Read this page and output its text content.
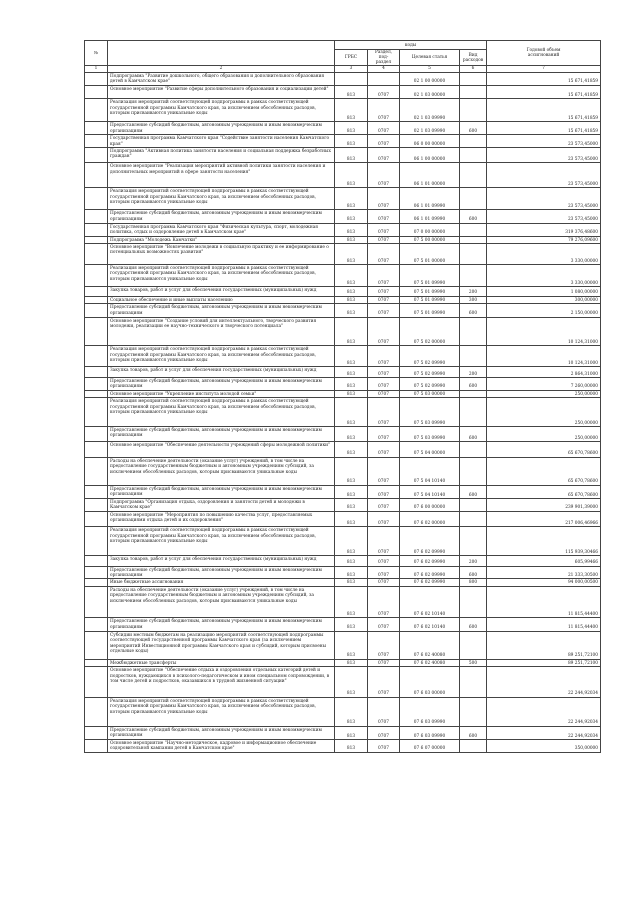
№		коды				Годовой объем
ассигнований
		ГРБС	Раздел, под-
раздел	Целевая статья	Вид
расходов	
1	2	3	4	5	6	7
	Подпрограмма "Развитие дошкольного, общего образования и дополнительного образования детей в Камчатском крае"			02 1 00 00000		15 671,41859
	Основное мероприятие "Развитие сферы дополнительного образования и социализации детей"	813	0707	02 1 03 00000		15 671,41859
	Реализация мероприятий соответствующей подпрограммы в рамках соответствующей государственной программы Камчатского края, за исключением обособленных расходов, которым присваиваются уникальные коды	813	0707	02 1 03 09990		15 671,41859
	Предоставление субсидий бюджетным, автономным учреждениям и иным некоммерческим организациям	813	0707	02 1 03 09990	600	15 671,41859
	Государственная программа Камчатского края "Содействие занятости населения Камчатского края"	813	0707	06 0 00 00000		23 573,45000
	Подпрограмма "Активная политика занятости населения и социальная поддержка безработных граждан"	813	0707	06 1 00 00000		23 573,45000
	Основное мероприятие "Реализация мероприятий активной политики занятости населения и дополнительных мероприятий в сфере занятости населения"	813	0707	06 1 01 00000		23 573,45000
	Реализация мероприятий соответствующей подпрограммы в рамках соответствующей государственной программы Камчатского края, за исключением обособленных расходов, которым присваиваются уникальные коды	813	0707	06 1 01 09990		23 573,45000
	Предоставление субсидий бюджетным, автономным учреждениям и иным некоммерческим организациям	813	0707	06 1 01 09990	600	23 573,45000
	Государственная программа Камчатского края "Физическая культура, спорт, молодежная политика, отдых и оздоровление детей в Камчатском крае"	813	0707	07 0 00 00000		319 376,48600
	Подпрограмма "Молодежь Камчатки"	813	0707	07 5 00 00000		79 276,09600
	Основное мероприятие "Вовлечение молодежи в социальную практику и ее информирование о потенциальных возможностях развития"	813	0707	07 5 01 00000		3 330,00000
	Реализация мероприятий соответствующей подпрограммы в рамках соответствующей государственной программы Камчатского края, за исключением обособленных расходов, которым присваиваются уникальные коды	813	0707	07 5 01 09990		3 330,00000
	Закупка товаров, работ и услуг для обеспечения государственных (муниципальных) нужд	813	0707	07 5 01 09990	200	1 080,00000
	Социальное обеспечение и иные выплаты населению	813	0707	07 5 01 09990	300	300,00000
	Предоставление субсидий бюджетным, автономным учреждениям и иным некоммерческим организациям	813	0707	07 5 01 09990	600	2 150,00000
	Основное мероприятие "Создание условий для интеллектуального, творческого развития молодежи, реализации ее научно-технического и творческого потенциала"	813	0707	07 5 02 00000		10 124,31000
	Реализация мероприятий соответствующей подпрограммы в рамках соответствующей государственной программы Камчатского края, за исключением обособленных расходов, которым присваиваются уникальные коды	813	0707	07 5 02 09990		10 124,31000
	Закупка товаров, работ и услуг для обеспечения государственных (муниципальных) нужд	813	0707	07 5 02 09990	200	2 864,31000
	Предоставление субсидий бюджетным, автономным учреждениям и иным некоммерческим организациям	813	0707	07 5 02 09990	600	7 260,00000
	Основное мероприятие "Укрепление института молодой семьи"	813	0707	07 5 03 00000		250,00000
	Реализация мероприятий соответствующей подпрограммы в рамках соответствующей государственной программы Камчатского края, за исключением обособленных расходов, которым присваиваются уникальные коды	813	0707	07 5 03 09990		250,00000
	Предоставление субсидий бюджетным, автономным учреждениям и иным некоммерческим организациям	813	0707	07 5 03 09990	600	250,00000
	Основное мероприятие "Обеспечение деятельности учреждений сферы молодежной политики"	813	0707	07 5 04 00000		65 670,78600
	Расходы на обеспечение деятельности (оказание услуг) учреждений, в том числе на предоставление государственным бюджетным и автономным учреждениям субсидий, за исключением обособленных расходов, которым присваиваются уникальные коды	813	0707	07 5 04 10140		65 670,78600
	Предоставление субсидий бюджетным, автономным учреждениям и иным некоммерческим организациям	813	0707	07 5 04 10140	600	65 670,78600
	Подпрограмма "Организация отдыха, оздоровления и занятости детей и молодежи в Камчатском крае"	813	0707	07 6 00 00000		239 901,39000
	Основное мероприятие "Мероприятия по повышению качества услуг, предоставляемых организациями отдыха детей и их оздоровления"	813	0707	07 6 02 00000		217 006,46966
	Реализация мероприятий соответствующей подпрограммы в рамках соответствующей государственной программы Камчатского края, за исключением обособленных расходов, которым присваиваются уникальные коды	813	0707	07 6 02 09990		115 939,30466
	Закупка товаров, работ и услуг для обеспечения государственных (муниципальных) нужд	813	0707	07 6 02 09990	200	605,99466
	Предоставление субсидий бюджетным, автономным учреждениям и иным некоммерческим организациям	813	0707	07 6 02 09990	600	21 333,30500
	Иные бюджетные ассигнования	813	0707	07 6 02 09990	800	94 000,00500
	Расходы на обеспечение деятельности (оказание услуг) учреждений, в том числе на предоставление государственным бюджетным и автономным учреждениям субсидий, за исключением обособленных расходов, которым присваиваются уникальные коды	813	0707	07 6 02 10140		11 815,44400
	Предоставление субсидий бюджетным, автономным учреждениям и иным некоммерческим организациям	813	0707	07 6 02 10140	600	11 815,44400
	Субсидии местным бюджетам на реализацию мероприятий соответствующей подпрограммы соответствующей государственной программы Камчатского края (за исключением мероприятий Инвестиционной программы Камчатского края и субсидий, которым присвоены отдельные коды)	813	0707	07 6 02 40080		89 251,72100
	Межбюджетные трансферты	813	0707	07 6 02 40080	500	89 251,72100
	Основное мероприятие "Обеспечение отдыха и оздоровления отдельных категорий детей и подростков, нуждающихся в психолого-педагогическом и ином специальном сопровождении, в том числе детей и подростков, оказавшихся в трудной жизненной ситуации"	813	0707	07 6 03 00000		22 244,92034
	Реализация мероприятий соответствующей подпрограммы в рамках соответствующей государственной программы Камчатского края, за исключением обособленных расходов, которым присваиваются уникальные коды	813	0707	07 6 03 09990		22 244,92034
	Предоставление субсидий бюджетным, автономным учреждениям и иным некоммерческим организациям	813	0707	07 6 03 09990	600	22 244,92034
	Основное мероприятие "Научно-методическое, кадровое и информационное обеспечение оздоровительной кампании детей в Камчатском крае"	813	0707	07 6 07 00000		350,00000
